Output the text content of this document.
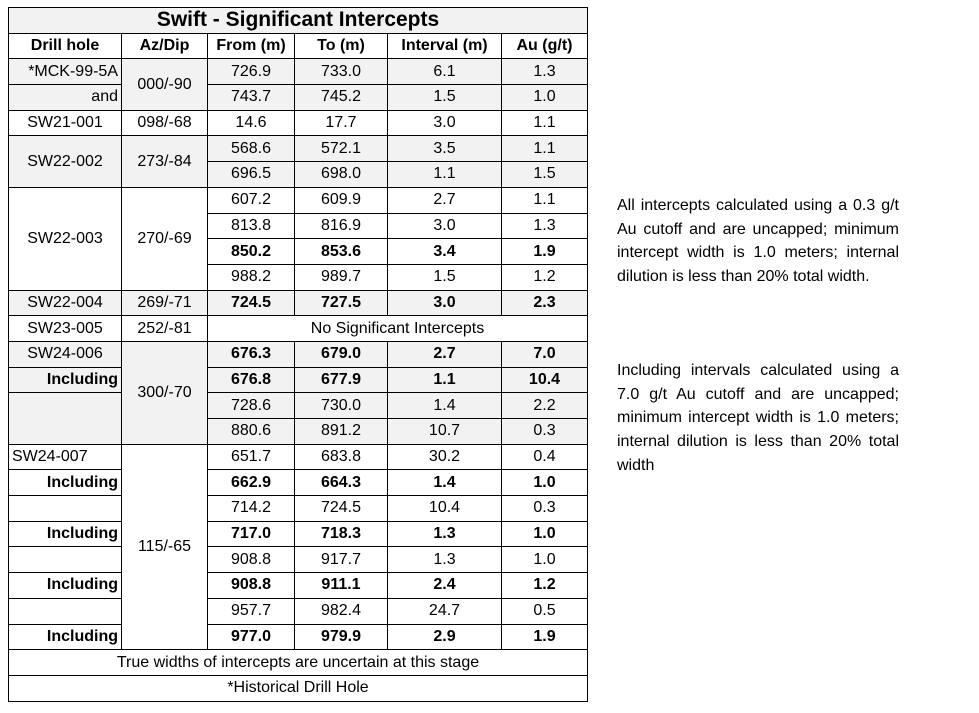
Swift - Significant Intercepts					
Drill hole	Az/Dip	From (m)	To (m)	Interval (m)	Au (g/t)
*MCK-99-5A	000/-90	726.9	733.0	6.1	1.3
and		743.7	745.2	1.5	1.0
SW21-001	098/-68	14.6	17.7	3.0	1.1
SW22-002	273/-84	568.6	572.1	3.5	1.1
		696.5	698.0	1.1	1.5
SW22-003	270/-69	607.2	609.9	2.7	1.1
		813.8	816.9	3.0	1.3
		850.2	853.6	3.4	1.9
		988.2	989.7	1.5	1.2
SW22-004	269/-71	724.5	727.5	3.0	2.3
SW23-005	252/-81	No Significant Intercepts			
SW24-006	300/-70	676.3	679.0	2.7	7.0
Including		676.8	677.9	1.1	10.4
		728.6	730.0	1.4	2.2
		880.6	891.2	10.7	0.3
SW24-007	115/-65	651.7	683.8	30.2	0.4
Including		662.9	664.3	1.4	1.0
		714.2	724.5	10.4	0.3
Including		717.0	718.3	1.3	1.0
		908.8	917.7	1.3	1.0
Including		908.8	911.1	2.4	1.2
		957.7	982.4	24.7	0.5
Including		977.0	979.9	2.9	1.9
True widths of intercepts are uncertain at this stage					
*Historical Drill Hole					
All intercepts calculated using a 0.3 g/t Au cutoff and are uncapped; minimum intercept width is 1.0 meters; internal dilution is less than 20% total width.
Including intervals calculated using a 7.0 g/t Au cutoff and are uncapped; minimum intercept width is 1.0 meters; internal dilution is less than 20% total width
